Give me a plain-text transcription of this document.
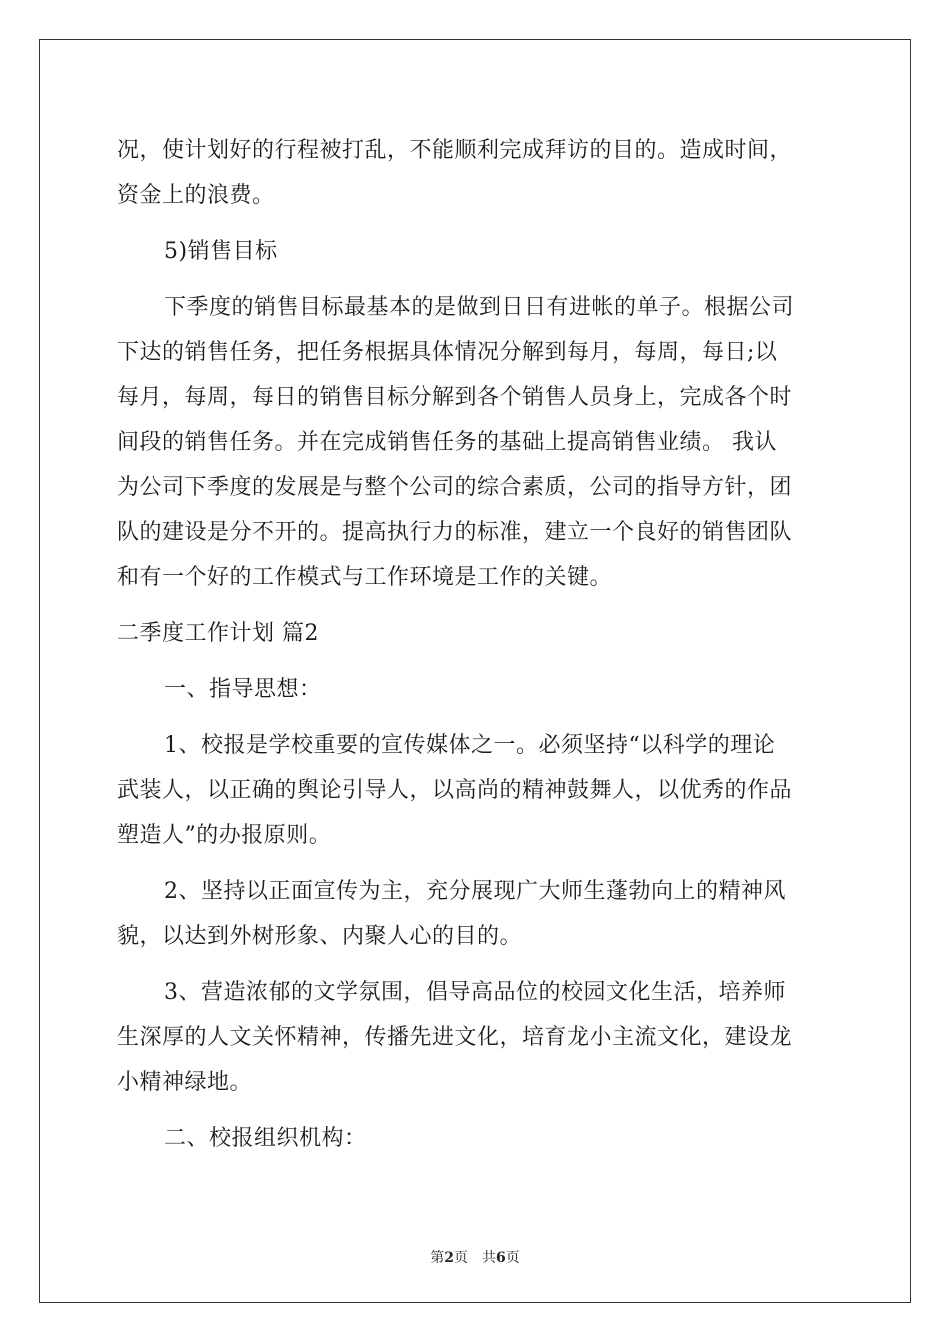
况，使计划好的行程被打乱，不能顺利完成拜访的目的。造成时间，
资金上的浪费。
5)销售目标
下季度的销售目标最基本的是做到日日有进帐的单子。根据公司
下达的销售任务，把任务根据具体情况分解到每月，每周，每日;以
每月，每周，每日的销售目标分解到各个销售人员身上，完成各个时
间段的销售任务。并在完成销售任务的基础上提高销售业绩。 我认
为公司下季度的发展是与整个公司的综合素质，公司的指导方针，团
队的建设是分不开的。提高执行力的标准，建立一个良好的销售团队
和有一个好的工作模式与工作环境是工作的关键。
二季度工作计划 篇2
一、指导思想：
1、校报是学校重要的宣传媒体之一。必须坚持“以科学的理论
武装人，以正确的舆论引导人，以高尚的精神鼓舞人，以优秀的作品
塑造人”的办报原则。
2、坚持以正面宣传为主，充分展现广大师生蓬勃向上的精神风
貌，以达到外树形象、内聚人心的目的。
3、营造浓郁的文学氛围，倡导高品位的校园文化生活，培养师
生深厚的人文关怀精神，传播先进文化，培育龙小主流文化，建设龙
小精神绿地。
二、校报组织机构：
第2页 共6页
